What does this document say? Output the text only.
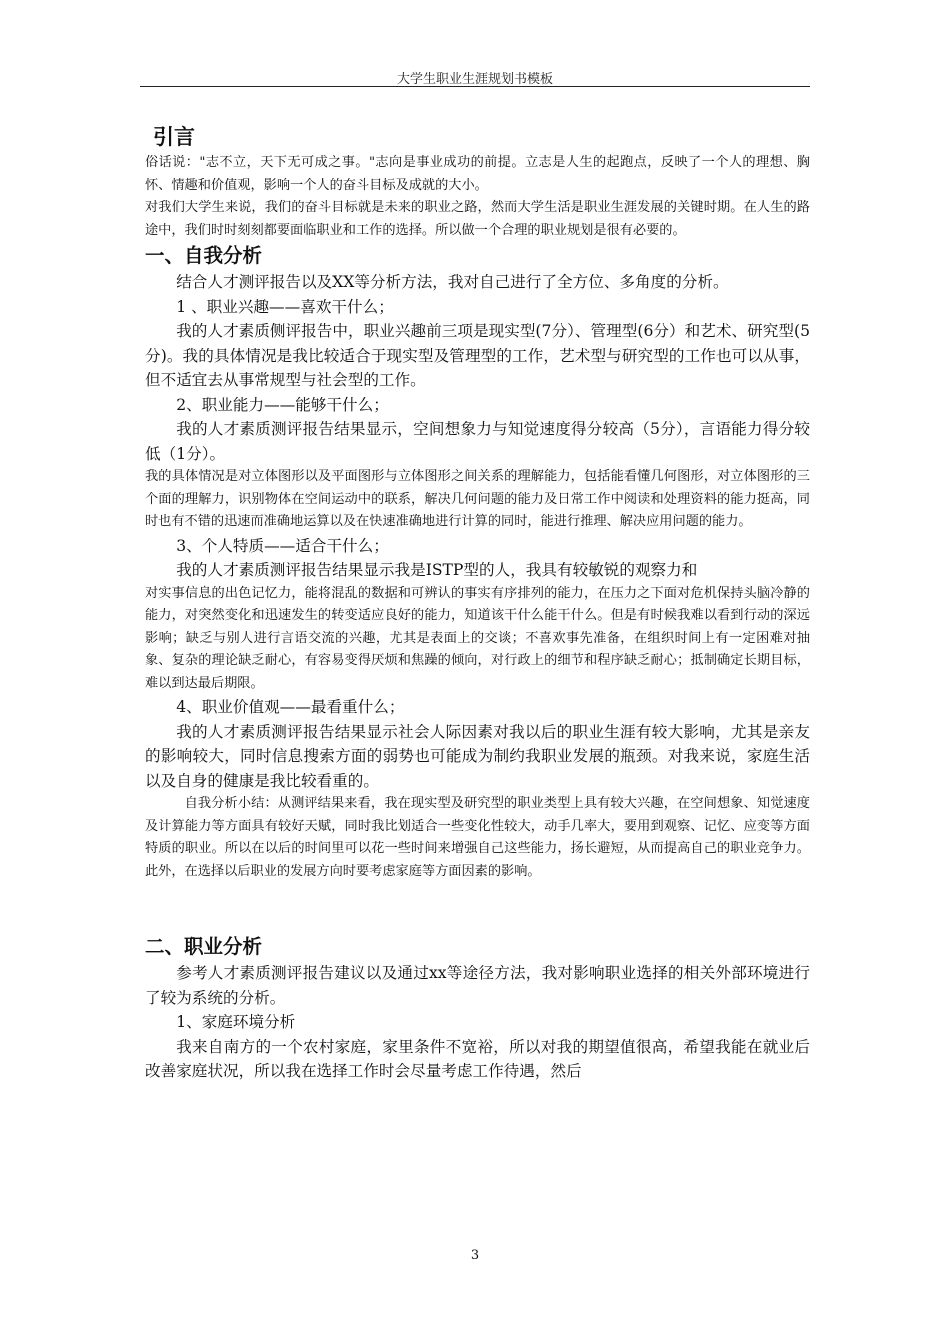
大学生职业生涯规划书模板
引言

俗话说："志不立，天下无可成之事。"志向是事业成功的前提。立志是人生的起跑点，反映了一个人的理想、胸怀、情趣和价值观，影响一个人的奋斗目标及成就的大小。

对我们大学生来说，我们的奋斗目标就是未来的职业之路，然而大学生活是职业生涯发展的关键时期。在人生的路途中，我们时时刻刻都要面临职业和工作的选择。所以做一个合理的职业规划是很有必要的。

一、自我分析

结合人才测评报告以及XX等分析方法，我对自己进行了全方位、多角度的分析。

1 、职业兴趣——喜欢干什么；

我的人才素质侧评报告中，职业兴趣前三项是现实型(7分）、管理型(6分）和艺术、研究型(5分)。我的具体情况是我比较适合于现实型及管理型的工作，艺术型与研究型的工作也可以从事，但不适宜去从事常规型与社会型的工作。

2、职业能力——能够干什么；

我的人才素质测评报告结果显示，空间想象力与知觉速度得分较高（5分），言语能力得分较低（1分）。

我的具体情况是对立体图形以及平面图形与立体图形之间关系的理解能力，包括能看懂几何图形，对立体图形的三个面的理解力，识别物体在空间运动中的联系，解决几何问题的能力及日常工作中阅读和处理资料的能力挺高，同时也有不错的迅速而准确地运算以及在快速准确地进行计算的同时，能进行推理、解决应用问题的能力。

3、个人特质——适合干什么；

我的人才素质测评报告结果显示我是ISTP型的人，我具有较敏锐的观察力和

对实事信息的出色记忆力，能将混乱的数据和可辨认的事实有序排列的能力，在压力之下面对危机保持头脑冷静的能力，对突然变化和迅速发生的转变适应良好的能力，知道该干什么能干什么。但是有时候我难以看到行动的深远影响；缺乏与别人进行言语交流的兴趣，尤其是表面上的交谈；不喜欢事先准备，在组织时间上有一定困难对抽象、复杂的理论缺乏耐心，有容易变得厌烦和焦躁的倾向，对行政上的细节和程序缺乏耐心；抵制确定长期目标，难以到达最后期限。

4、职业价值观——最看重什么；

我的人才素质测评报告结果显示社会人际因素对我以后的职业生涯有较大影响，尤其是亲友的影响较大，同时信息搜索方面的弱势也可能成为制约我职业发展的瓶颈。对我来说，家庭生活以及自身的健康是我比较看重的。

自我分析小结：从测评结果来看，我在现实型及研究型的职业类型上具有较大兴趣，在空间想象、知觉速度及计算能力等方面具有较好天赋，同时我比划适合一些变化性较大，动手几率大，要用到观察、记忆、应变等方面特质的职业。所以在以后的时间里可以花一些时间来增强自己这些能力，扬长避短，从而提高自己的职业竞争力。此外，在选择以后职业的发展方向时要考虑家庭等方面因素的影响。

二、职业分析

参考人才素质测评报告建议以及通过xx等途径方法，我对影响职业选择的相关外部环境进行了较为系统的分析。

1、家庭环境分析

我来自南方的一个农村家庭，家里条件不宽裕，所以对我的期望值很高，希望我能在就业后改善家庭状况，所以我在选择工作时会尽量考虑工作待遇，然后

3
